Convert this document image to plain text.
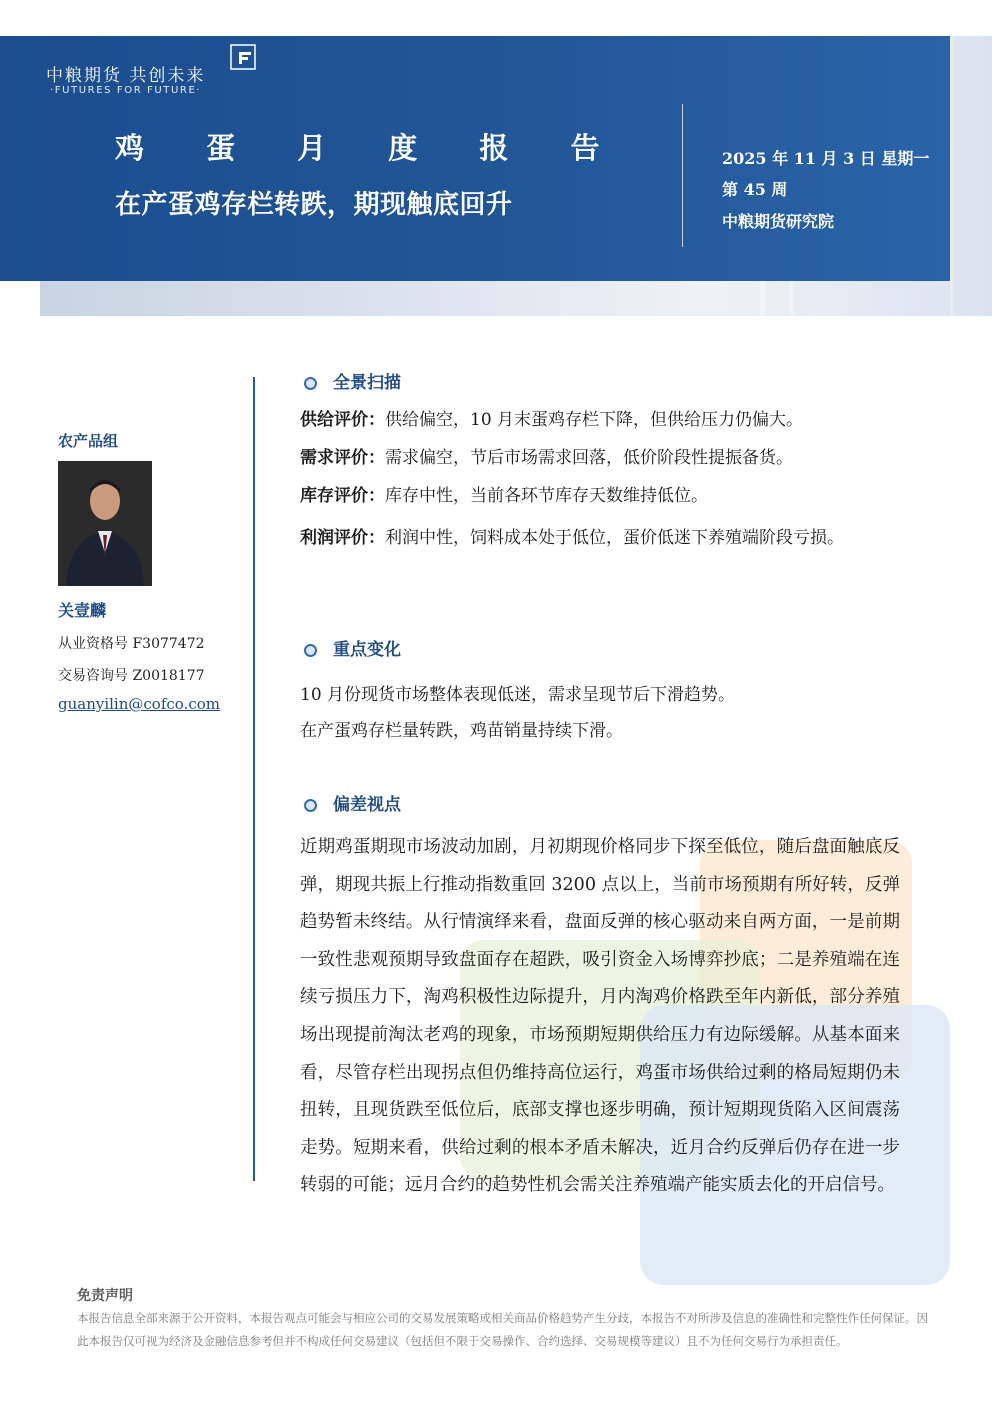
中粮期货 共创未来
·FUTURES FOR FUTURE·
鸡 蛋 月 度 报 告
在产蛋鸡存栏转跌，期现触底回升
2025 年 11 月 3 日 星期一
第 45 周
中粮期货研究院
农产品组
关壹麟
从业资格号 F3077472
交易咨询号 Z0018177
guanyilin@cofco.com
全景扫描
供给评价：供给偏空，10 月末蛋鸡存栏下降，但供给压力仍偏大。
需求评价：需求偏空，节后市场需求回落，低价阶段性提振备货。
库存评价：库存中性，当前各环节库存天数维持低位。
利润评价：利润中性，饲料成本处于低位，蛋价低迷下养殖端阶段亏损。
重点变化
10 月份现货市场整体表现低迷，需求呈现节后下滑趋势。
在产蛋鸡存栏量转跌，鸡苗销量持续下滑。
偏差视点
近期鸡蛋期现市场波动加剧，月初期现价格同步下探至低位，随后盘面触底反弹，期现共振上行推动指数重回 3200 点以上，当前市场预期有所好转，反弹趋势暂未终结。从行情演绎来看，盘面反弹的核心驱动来自两方面，一是前期一致性悲观预期导致盘面存在超跌，吸引资金入场博弈抄底；二是养殖端在连续亏损压力下，淘鸡积极性边际提升，月内淘鸡价格跌至年内新低，部分养殖场出现提前淘汰老鸡的现象，市场预期短期供给压力有边际缓解。从基本面来看，尽管存栏出现拐点但仍维持高位运行，鸡蛋市场供给过剩的格局短期仍未扭转，且现货跌至低位后，底部支撑也逐步明确，预计短期现货陷入区间震荡走势。短期来看，供给过剩的根本矛盾未解决，近月合约反弹后仍存在进一步转弱的可能；远月合约的趋势性机会需关注养殖端产能实质去化的开启信号。
免责声明
本报告信息全部来源于公开资料，本报告观点可能会与相应公司的交易发展策略或相关商品价格趋势产生分歧，本报告不对所涉及信息的准确性和完整性作任何保证。因此本报告仅可视为经济及金融信息参考但并不构成任何交易建议（包括但不限于交易操作、合约选择、交易规模等建议）且不为任何交易行为承担责任。
